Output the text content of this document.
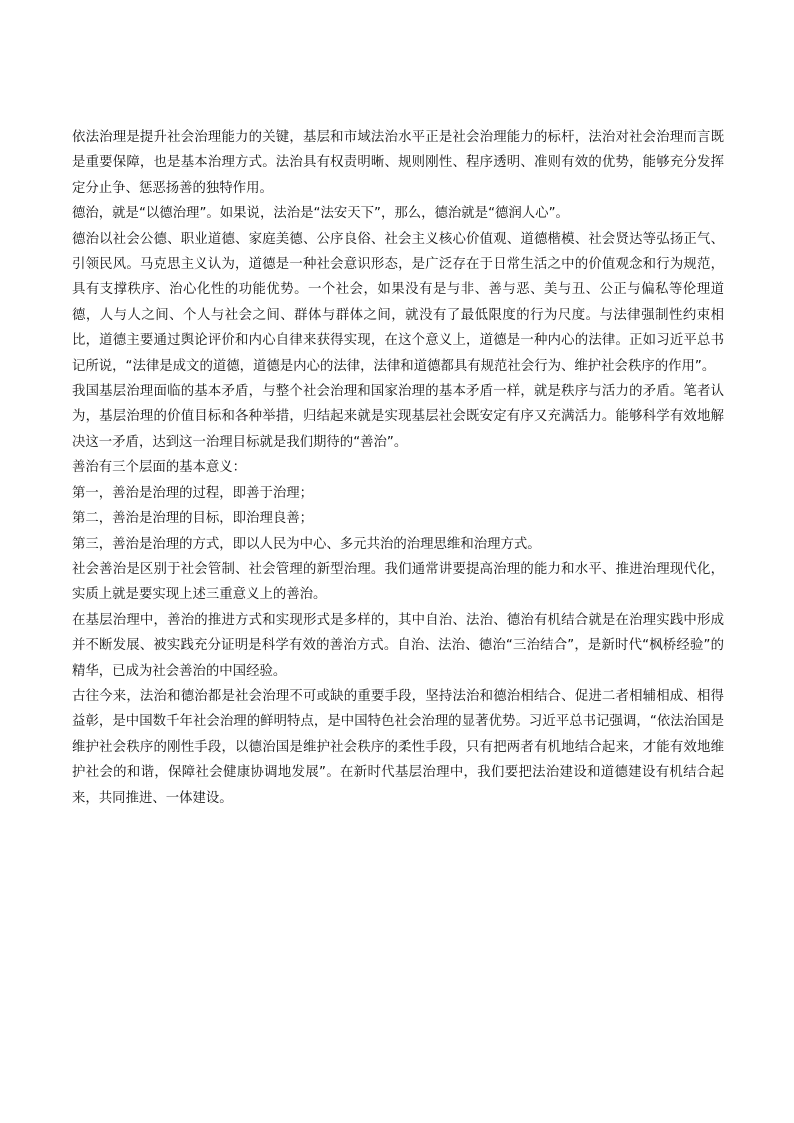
依法治理是提升社会治理能力的关键，基层和市域法治水平正是社会治理能力的标杆，法治对社会治理而言既是重要保障，也是基本治理方式。法治具有权责明晰、规则刚性、程序透明、准则有效的优势，能够充分发挥定分止争、惩恶扬善的独特作用。

德治，就是“以德治理”。如果说，法治是“法安天下”，那么，德治就是“德润人心”。

德治以社会公德、职业道德、家庭美德、公序良俗、社会主义核心价值观、道德楷模、社会贤达等弘扬正气、引领民风。马克思主义认为，道德是一种社会意识形态，是广泛存在于日常生活之中的价值观念和行为规范，具有支撑秩序、治心化性的功能优势。一个社会，如果没有是与非、善与恶、美与丑、公正与偏私等伦理道德，人与人之间、个人与社会之间、群体与群体之间，就没有了最低限度的行为尺度。与法律强制性约束相比，道德主要通过舆论评价和内心自律来获得实现，在这个意义上，道德是一种内心的法律。正如习近平总书记所说，“法律是成文的道德，道德是内心的法律，法律和道德都具有规范社会行为、维护社会秩序的作用”。

我国基层治理面临的基本矛盾，与整个社会治理和国家治理的基本矛盾一样，就是秩序与活力的矛盾。笔者认为，基层治理的价值目标和各种举措，归结起来就是实现基层社会既安定有序又充满活力。能够科学有效地解决这一矛盾，达到这一治理目标就是我们期待的“善治”。

善治有三个层面的基本意义：

第一，善治是治理的过程，即善于治理；

第二，善治是治理的目标，即治理良善；

第三，善治是治理的方式，即以人民为中心、多元共治的治理思维和治理方式。

社会善治是区别于社会管制、社会管理的新型治理。我们通常讲要提高治理的能力和水平、推进治理现代化，实质上就是要实现上述三重意义上的善治。

在基层治理中，善治的推进方式和实现形式是多样的，其中自治、法治、德治有机结合就是在治理实践中形成并不断发展、被实践充分证明是科学有效的善治方式。自治、法治、德治“三治结合”，是新时代“枫桥经验”的精华，已成为社会善治的中国经验。

古往今来，法治和德治都是社会治理不可或缺的重要手段，坚持法治和德治相结合、促进二者相辅相成、相得益彰，是中国数千年社会治理的鲜明特点，是中国特色社会治理的显著优势。习近平总书记强调，“依法治国是维护社会秩序的刚性手段，以德治国是维护社会秩序的柔性手段，只有把两者有机地结合起来，才能有效地维护社会的和谐，保障社会健康协调地发展”。在新时代基层治理中，我们要把法治建设和道德建设有机结合起来，共同推进、一体建设。
